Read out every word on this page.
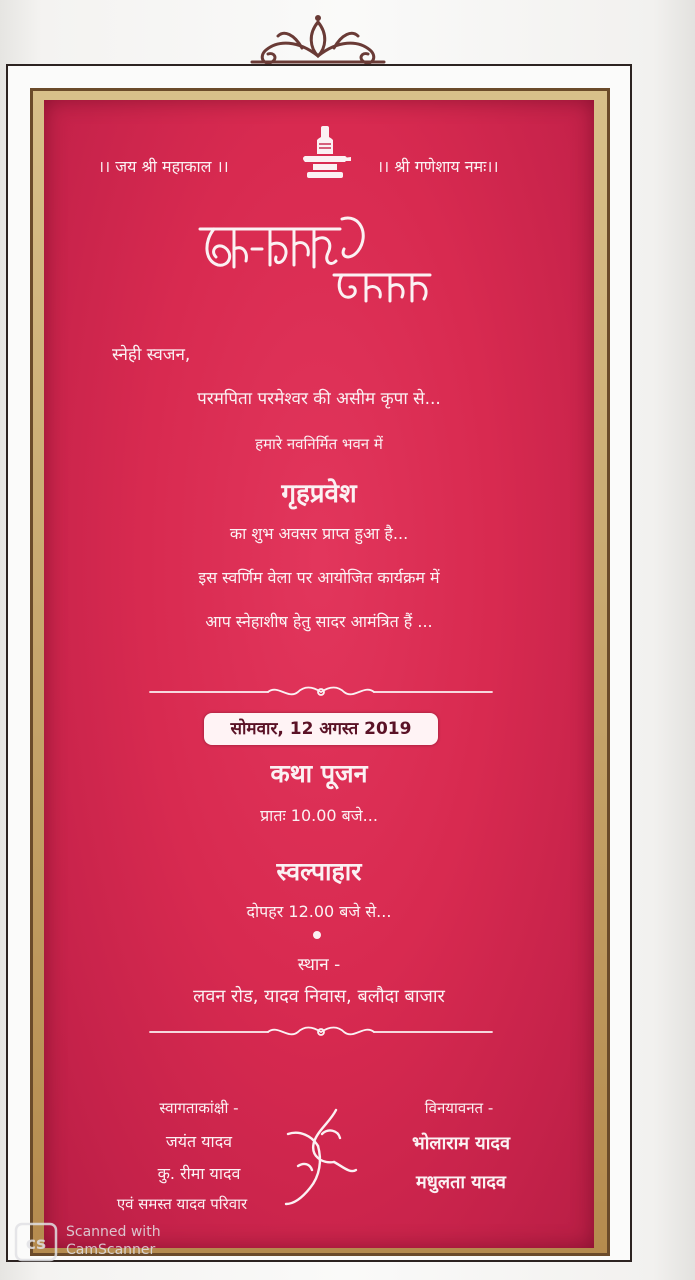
।। जय श्री महाकाल ।।	।। श्री गणेशाय नमः।।
स्नेही स्वजन,
परमपिता परमेश्वर की असीम कृपा से...
हमारे नवनिर्मित भवन में
गृहप्रवेश
का शुभ अवसर प्राप्त हुआ है...
इस स्वर्णिम वेला पर आयोजित कार्यक्रम में
आप स्नेहाशीष हेतु सादर आमंत्रित हैं ...
सोमवार, 12 अगस्त 2019
कथा पूजन
प्रातः 10.00 बजे...
स्वल्पाहार
दोपहर 12.00 बजे से...
स्थान -
लवन रोड, यादव निवास, बलौदा बाजार
स्वागताकांक्षी -
जयंत यादव
कु. रीमा यादव
एवं समस्त यादव परिवार
विनयावनत -
भोलाराम यादव
मधुलता यादव
cs
Scanned with
CamScanner
